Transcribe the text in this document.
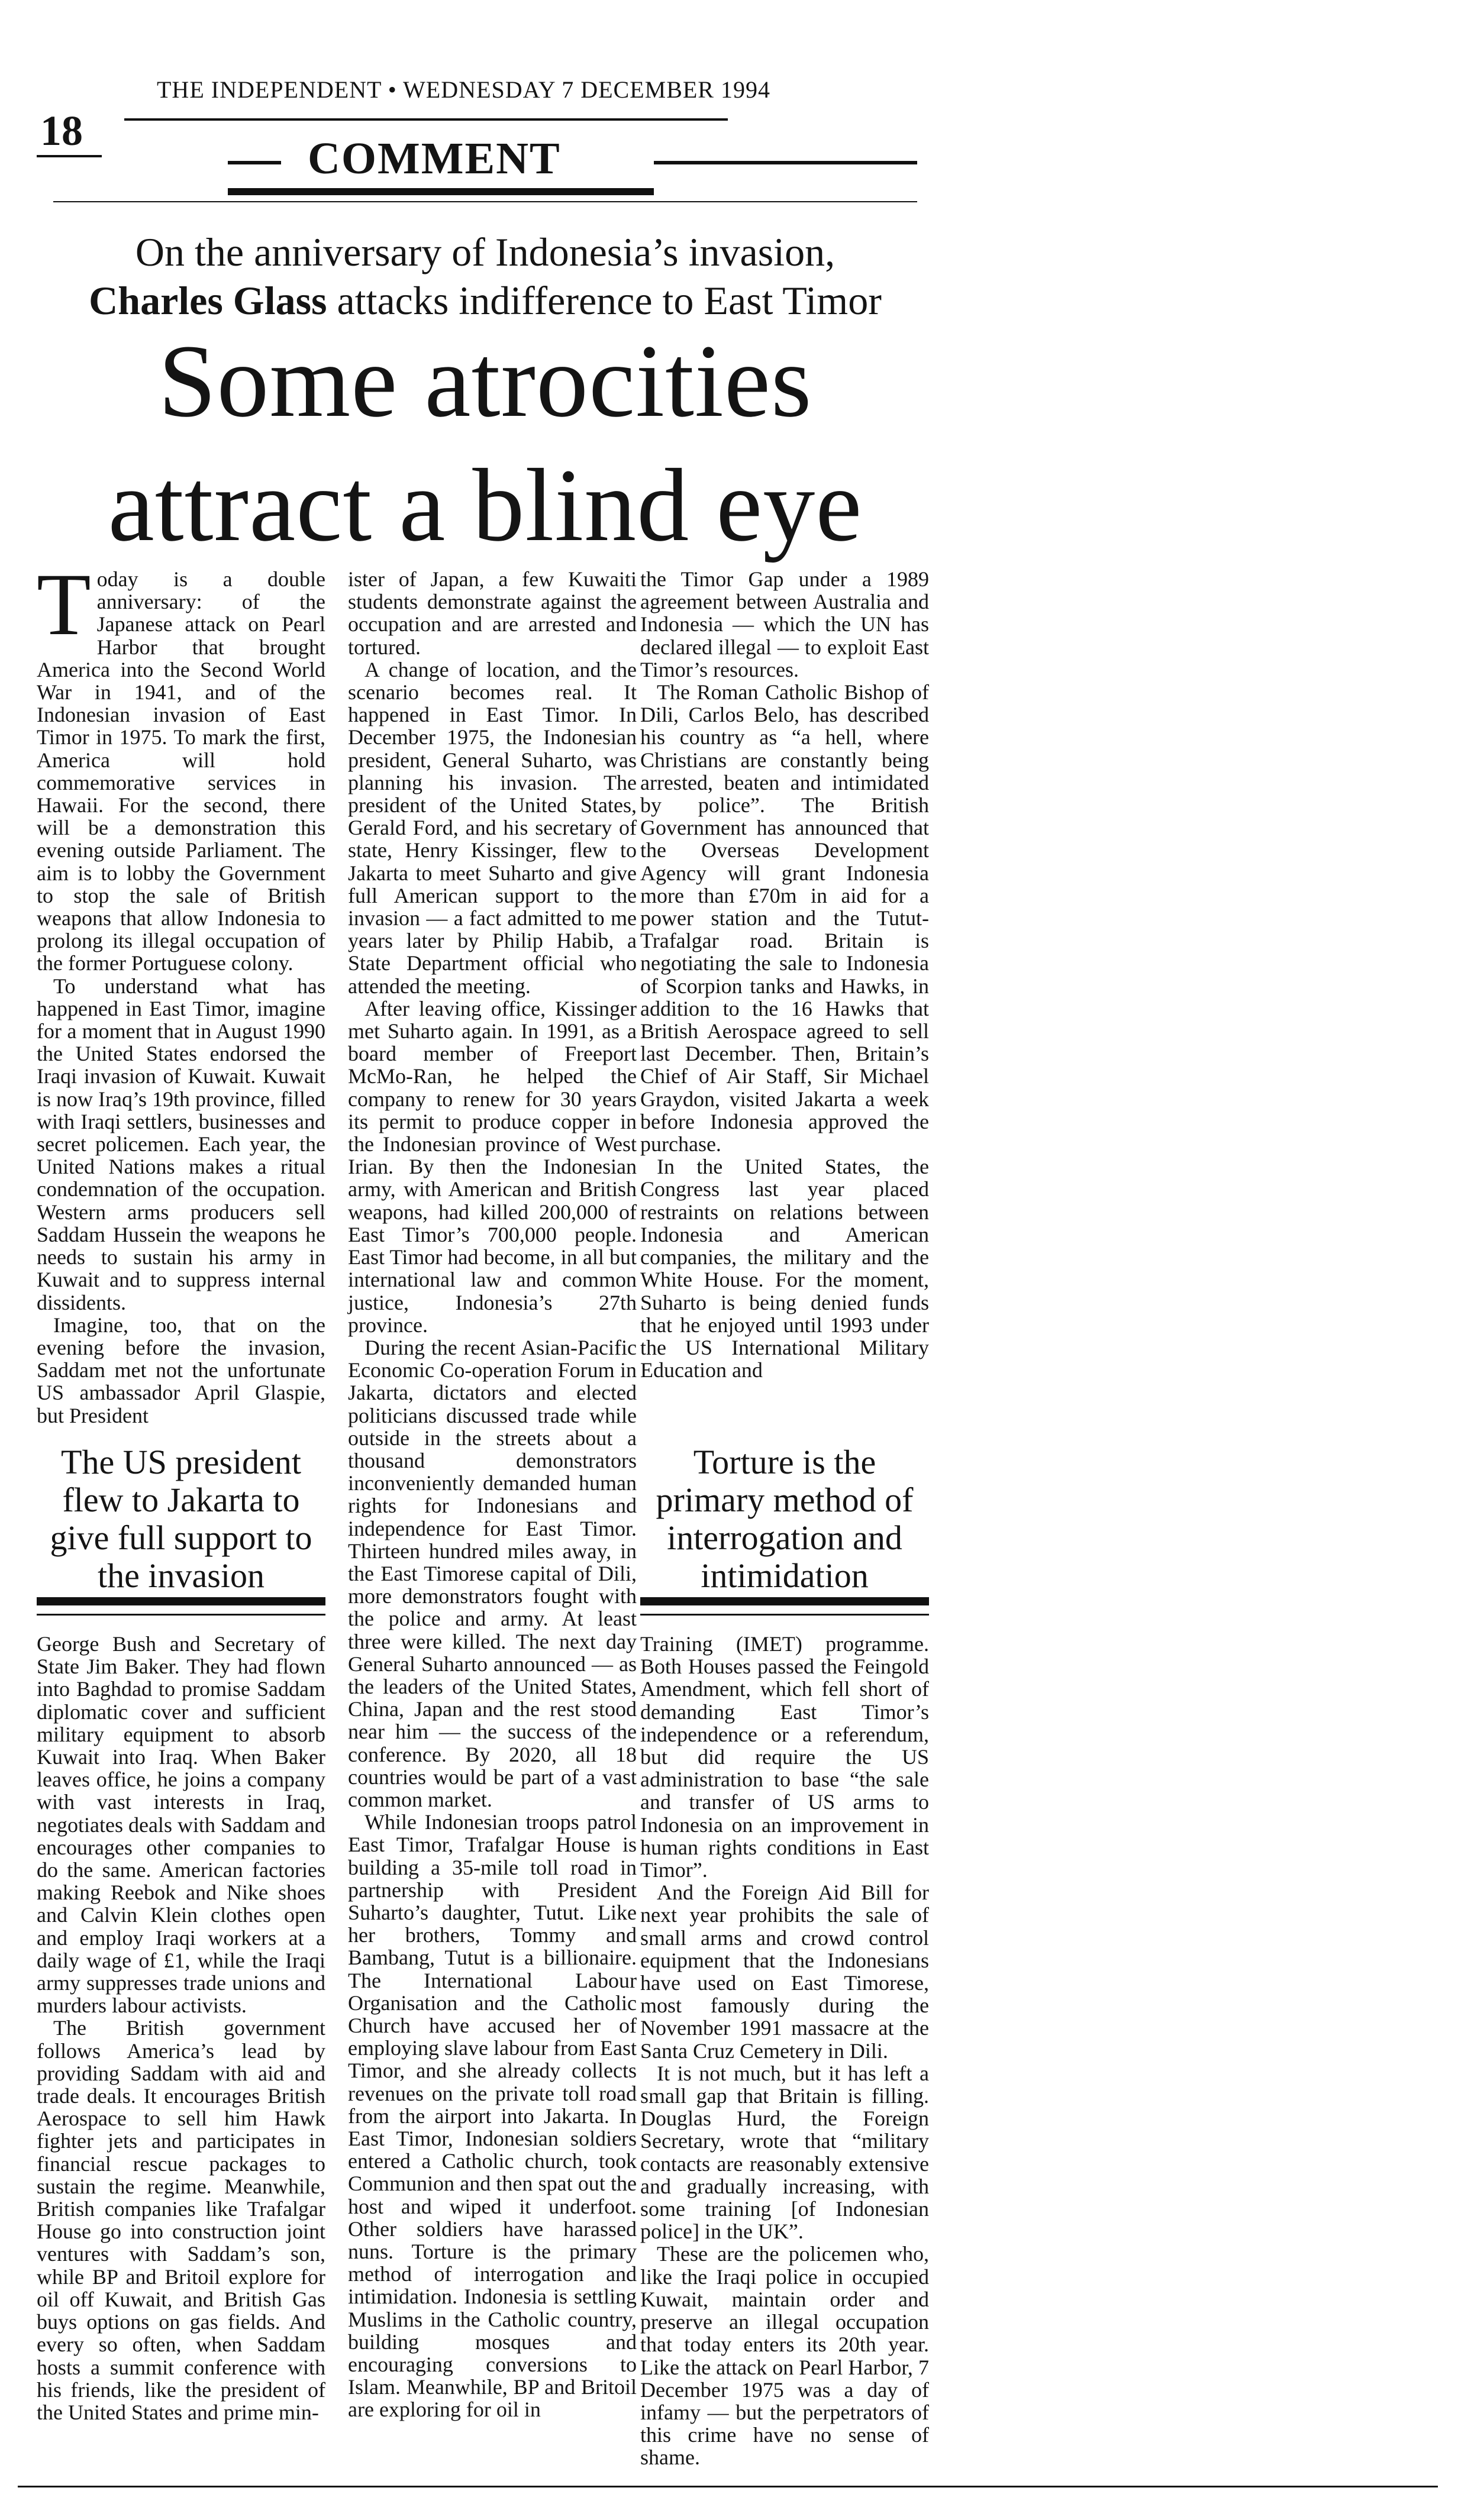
THE INDEPENDENT • WEDNESDAY 7 DECEMBER 1994
18
COMMENT
On the anniversary of Indonesia’s invasion,
Charles Glass attacks indifference to East Timor
Some atrocities
attract a blind eye

Today is a double anniversary: of the Japanese attack on Pearl Harbor that brought America into the Second World War in 1941, and of the Indonesian invasion of East Timor in 1975. To mark the first, America will hold commemorative services in Hawaii. For the second, there will be a demonstration this evening outside Parliament. The aim is to lobby the Government to stop the sale of British weapons that allow Indonesia to prolong its illegal occupation of the former Portuguese colony.

To understand what has happened in East Timor, imagine for a moment that in August 1990 the United States endorsed the Iraqi invasion of Kuwait. Kuwait is now Iraq’s 19th province, filled with Iraqi settlers, businesses and secret policemen. Each year, the United Nations makes a ritual condemnation of the occupation. Western arms producers sell Saddam Hussein the weapons he needs to sustain his army in Kuwait and to suppress internal dissidents.

Imagine, too, that on the evening before the invasion, Saddam met not the unfortunate US ambassador April Glaspie, but President

The US president flew to Jakarta to give full support to the invasion

George Bush and Secretary of State Jim Baker. They had flown into Baghdad to promise Saddam diplomatic cover and sufficient military equipment to absorb Kuwait into Iraq. When Baker leaves office, he joins a company with vast interests in Iraq, negotiates deals with Saddam and encourages other companies to do the same. American factories making Reebok and Nike shoes and Calvin Klein clothes open and employ Iraqi workers at a daily wage of £1, while the Iraqi army suppresses trade unions and murders labour activists.

The British government follows America’s lead by providing Saddam with aid and trade deals. It encourages British Aerospace to sell him Hawk fighter jets and participates in financial rescue packages to sustain the regime. Meanwhile, British companies like Trafalgar House go into construction joint ventures with Saddam’s son, while BP and Britoil explore for oil off Kuwait, and British Gas buys options on gas fields. And every so often, when Saddam hosts a summit conference with his friends, like the president of the United States and prime min-

ister of Japan, a few Kuwaiti students demonstrate against the occupation and are arrested and tortured.

A change of location, and the scenario becomes real. It happened in East Timor. In December 1975, the Indonesian president, General Suharto, was planning his invasion. The president of the United States, Gerald Ford, and his secretary of state, Henry Kissinger, flew to Jakarta to meet Suharto and give full American support to the invasion — a fact admitted to me years later by Philip Habib, a State Department official who attended the meeting.

After leaving office, Kissinger met Suharto again. In 1991, as a board member of Freeport McMo-Ran, he helped the company to renew for 30 years its permit to produce copper in the Indonesian province of West Irian. By then the Indonesian army, with American and British weapons, had killed 200,000 of East Timor’s 700,000 people. East Timor had become, in all but international law and common justice, Indonesia’s 27th province.

During the recent Asian-Pacific Economic Co-operation Forum in Jakarta, dictators and elected politicians discussed trade while outside in the streets about a thousand demonstrators inconveniently demanded human rights for Indonesians and independence for East Timor. Thirteen hundred miles away, in the East Timorese capital of Dili, more demonstrators fought with the police and army. At least three were killed. The next day General Suharto announced — as the leaders of the United States, China, Japan and the rest stood near him — the success of the conference. By 2020, all 18 countries would be part of a vast common market.

While Indonesian troops patrol East Timor, Trafalgar House is building a 35-mile toll road in partnership with President Suharto’s daughter, Tutut. Like her brothers, Tommy and Bambang, Tutut is a billionaire. The International Labour Organisation and the Catholic Church have accused her of employing slave labour from East Timor, and she already collects revenues on the private toll road from the airport into Jakarta. In East Timor, Indonesian soldiers entered a Catholic church, took Communion and then spat out the host and wiped it underfoot. Other soldiers have harassed nuns. Torture is the primary method of interrogation and intimidation. Indonesia is settling Muslims in the Catholic country, building mosques and encouraging conversions to Islam. Meanwhile, BP and Britoil are exploring for oil in

the Timor Gap under a 1989 agreement between Australia and Indonesia — which the UN has declared illegal — to exploit East Timor’s resources.

The Roman Catholic Bishop of Dili, Carlos Belo, has described his country as “a hell, where Christians are constantly being arrested, beaten and intimidated by police”. The British Government has announced that the Overseas Development Agency will grant Indonesia more than £70m in aid for a power station and the Tutut-Trafalgar road. Britain is negotiating the sale to Indonesia of Scorpion tanks and Hawks, in addition to the 16 Hawks that British Aerospace agreed to sell last December. Then, Britain’s Chief of Air Staff, Sir Michael Graydon, visited Jakarta a week before Indonesia approved the purchase.

In the United States, the Congress last year placed restraints on relations between Indonesia and American companies, the military and the White House. For the moment, Suharto is being denied funds that he enjoyed until 1993 under the US International Military Education and

Torture is the primary method of interrogation and intimidation

Training (IMET) programme. Both Houses passed the Feingold Amendment, which fell short of demanding East Timor’s independence or a referendum, but did require the US administration to base “the sale and transfer of US arms to Indonesia on an improvement in human rights conditions in East Timor”.

And the Foreign Aid Bill for next year prohibits the sale of small arms and crowd control equipment that the Indonesians have used on East Timorese, most famously during the November 1991 massacre at the Santa Cruz Cemetery in Dili.

It is not much, but it has left a small gap that Britain is filling. Douglas Hurd, the Foreign Secretary, wrote that “military contacts are reasonably extensive and gradually increasing, with some training [of Indonesian police] in the UK”.

These are the policemen who, like the Iraqi police in occupied Kuwait, maintain order and preserve an illegal occupation that today enters its 20th year. Like the attack on Pearl Harbor, 7 December 1975 was a day of infamy — but the perpetrators of this crime have no sense of shame.
